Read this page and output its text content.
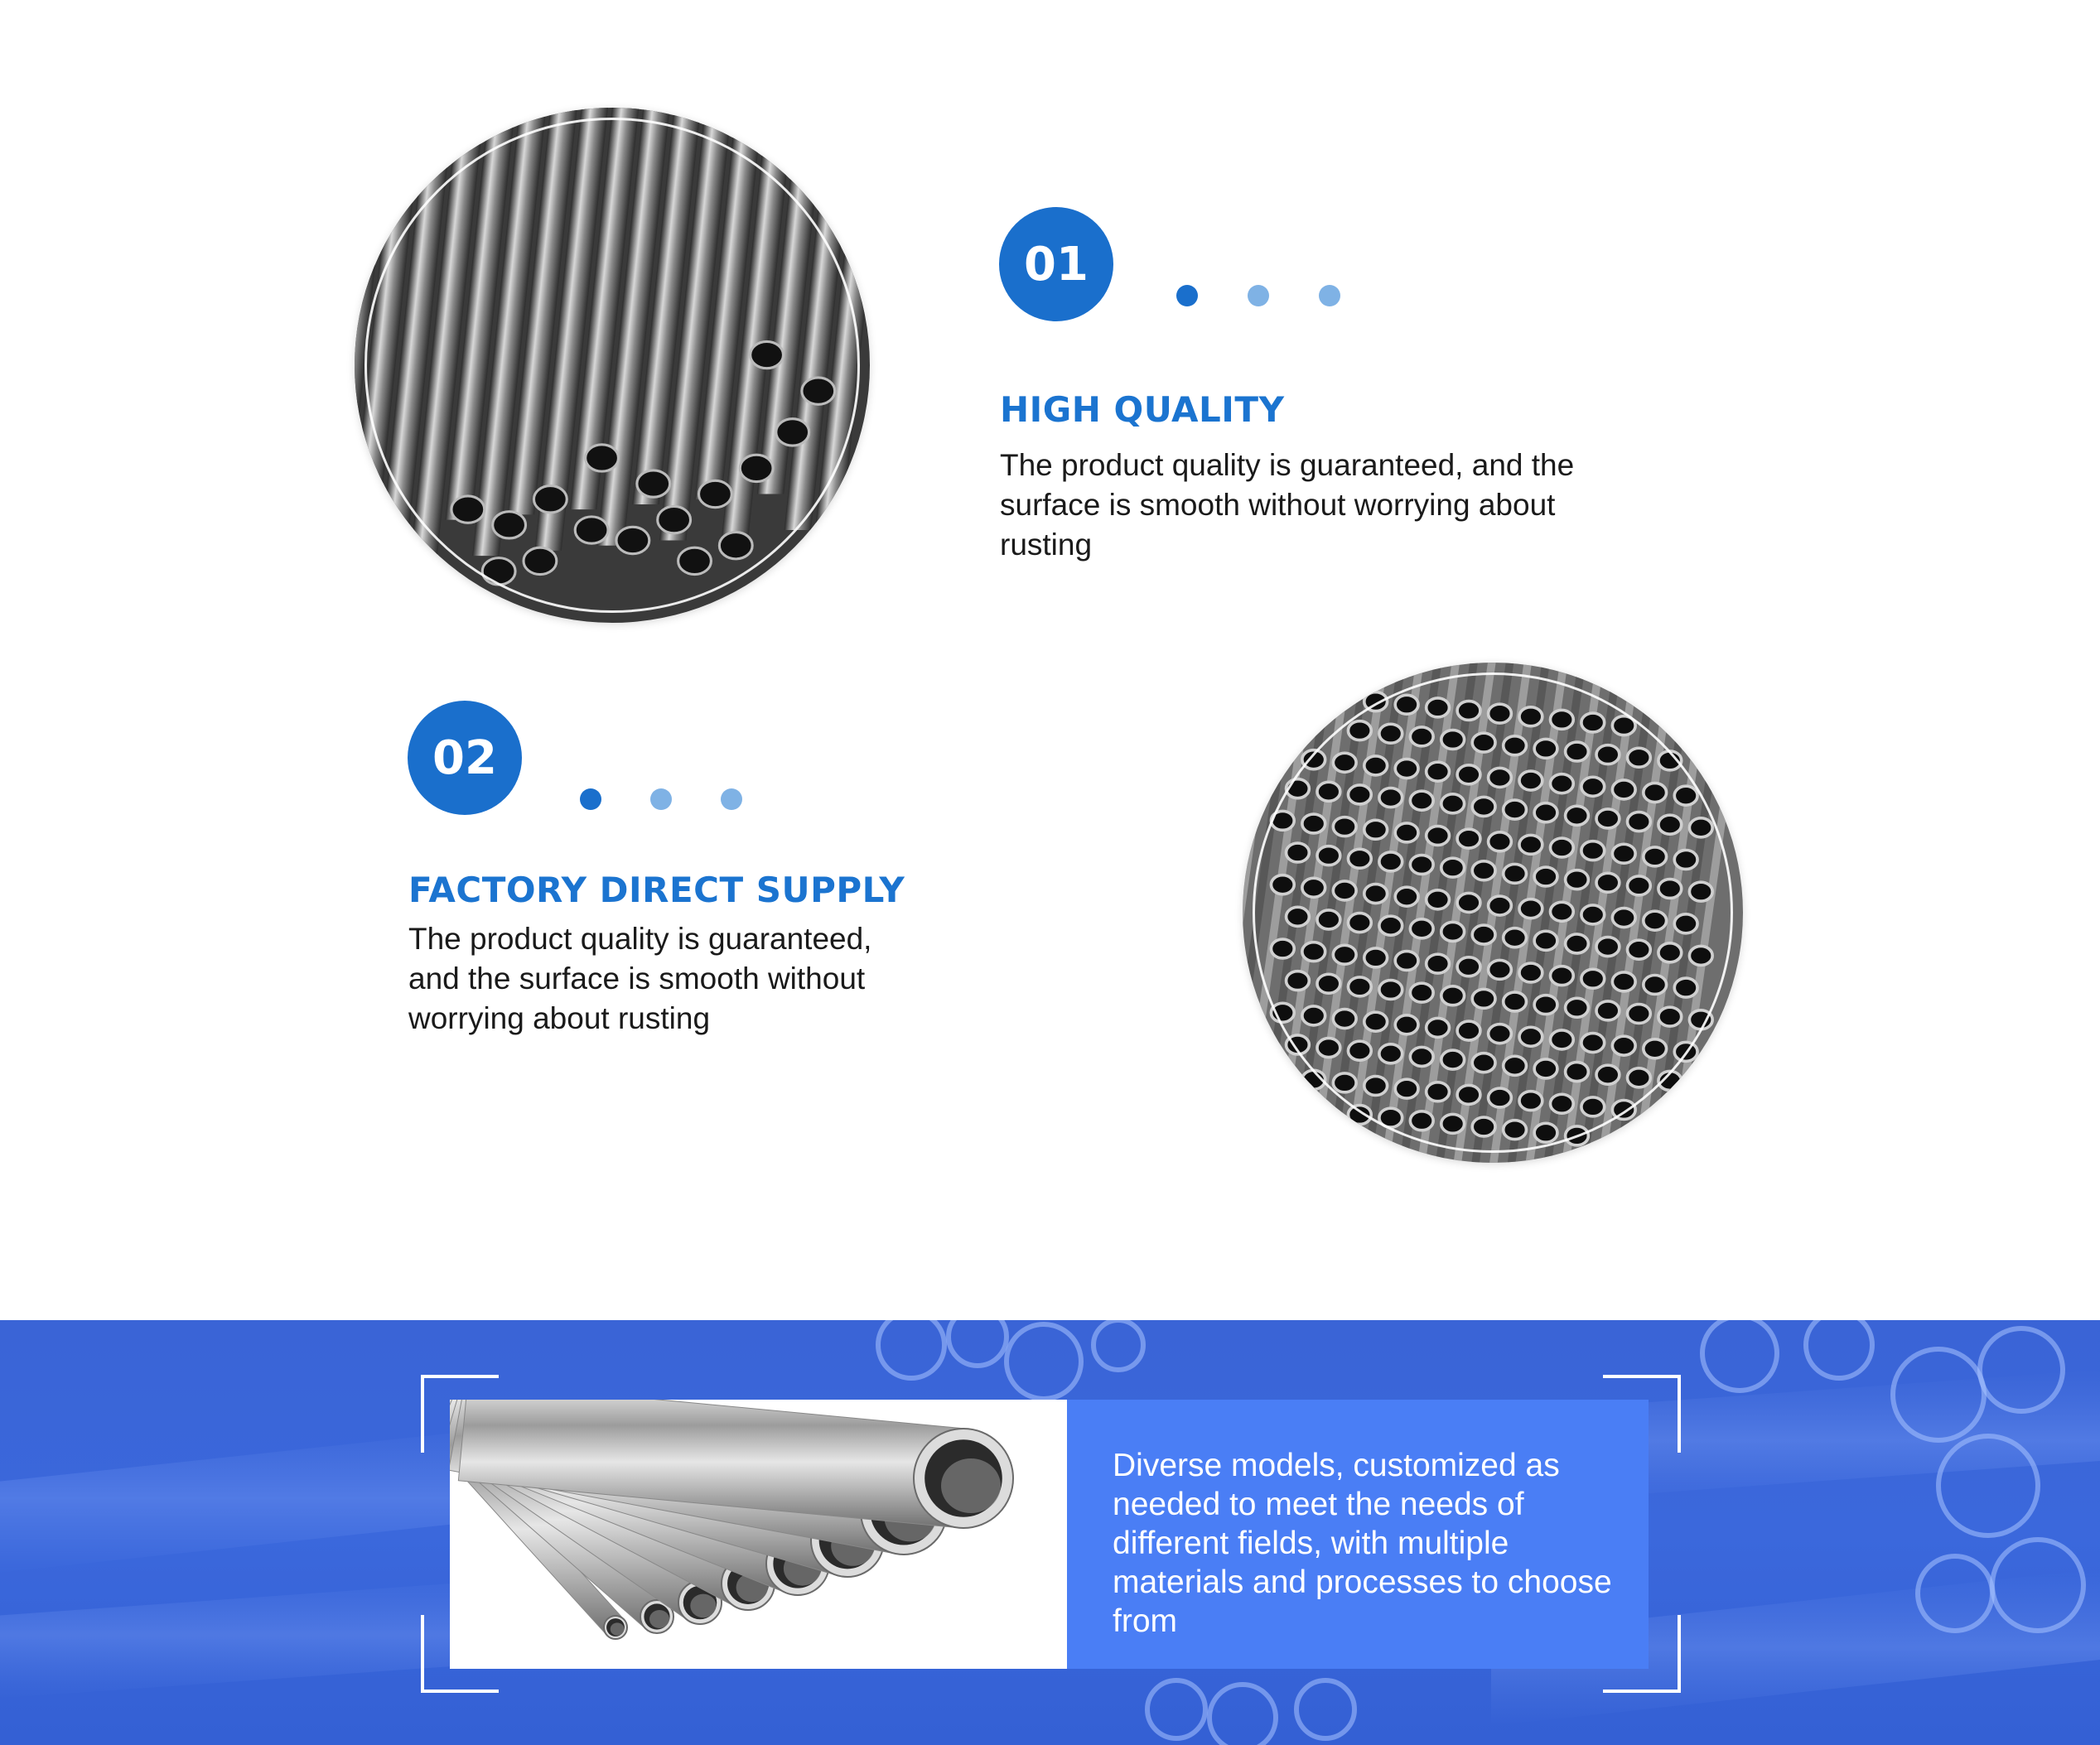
01
HIGH QUALITY
The product quality is guaranteed, and the surface is smooth without worrying about rusting
02
FACTORY DIRECT SUPPLY
The product quality is guaranteed, and the surface is smooth without worrying about rusting

Diverse models, customized as needed to meet the needs of different fields, with multiple materials and processes to choose from
